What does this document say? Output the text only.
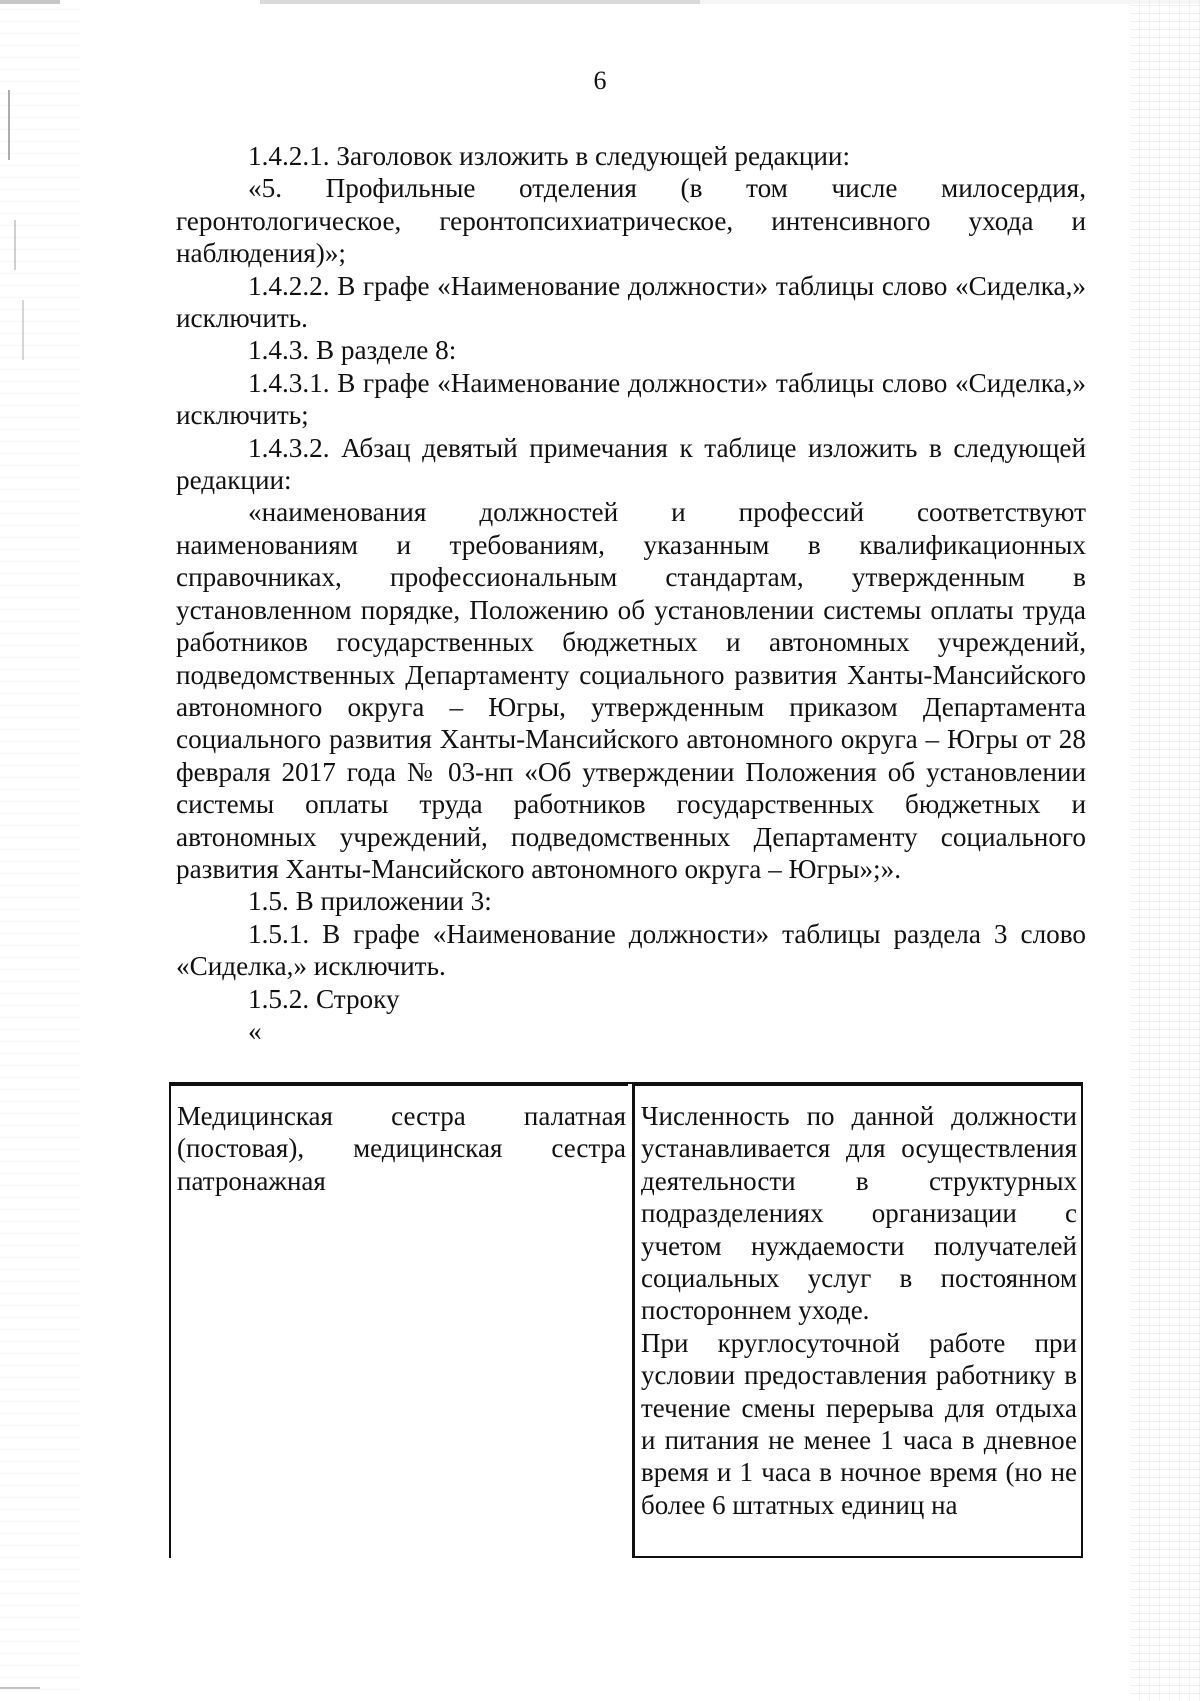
6

1.4.2.1. Заголовок изложить в следующей редакции:

«5. Профильные отделения (в том числе милосердия, геронтологическое, геронтопсихиатрическое, интенсивного ухода и наблюдения)»;

1.4.2.2. В графе «Наименование должности» таблицы слово «Сиделка,» исключить.

1.4.3. В разделе 8:

1.4.3.1. В графе «Наименование должности» таблицы слово «Сиделка,» исключить;

1.4.3.2. Абзац девятый примечания к таблице изложить в следующей редакции:

«наименования должностей и профессий соответствуют наименованиям и требованиям, указанным в квалификационных справочниках, профессиональным стандартам, утвержденным в установленном порядке, Положению об установлении системы оплаты труда работников государственных бюджетных и автономных учреждений, подведомственных Департаменту социального развития Ханты-Мансийского автономного округа – Югры, утвержденным приказом Департамента социального развития Ханты-Мансийского автономного округа – Югры от 28 февраля 2017 года № 03-нп «Об утверждении Положения об установлении системы оплаты труда работников государственных бюджетных и автономных учреждений, подведомственных Департаменту социального развития Ханты-Мансийского автономного округа – Югры»;».

1.5. В приложении 3:

1.5.1. В графе «Наименование должности» таблицы раздела 3 слово «Сиделка,» исключить.

1.5.2. Строку

«

Медицинская сестра палатная (постовая), медицинская сестра патронажная

Численность по данной должности устанавливается для осуществления деятельности в структурных подразделениях организации с учетом нуждаемости получателей социальных услуг в постоянном постороннем уходе.

При круглосуточной работе при условии предоставления работнику в течение смены перерыва для отдыха и питания не менее 1 часа в дневное время и 1 часа в ночное время (но не более 6 штатных единиц на
